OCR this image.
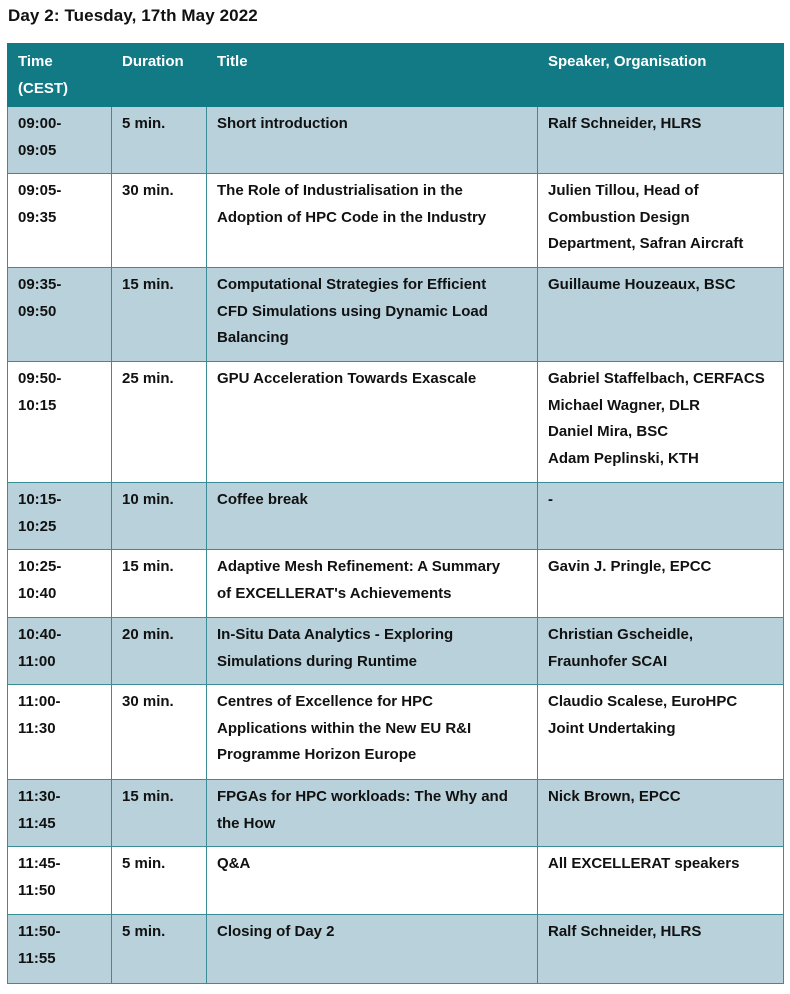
Day 2: Tuesday, 17th May 2022
Time
(CEST)	Duration	Title	Speaker, Organisation
09:00-
09:05	5 min.	Short introduction	Ralf Schneider, HLRS
09:05-
09:35	30 min.	The Role of Industrialisation in the
Adoption of HPC Code in the Industry	Julien Tillou, Head of
Combustion Design
Department, Safran Aircraft
09:35-
09:50	15 min.	Computational Strategies for Efficient
CFD Simulations using Dynamic Load
Balancing	Guillaume Houzeaux, BSC
09:50-
10:15	25 min.	GPU Acceleration Towards Exascale	Gabriel Staffelbach, CERFACS
Michael Wagner, DLR
Daniel Mira, BSC
Adam Peplinski, KTH
10:15-
10:25	10 min.	Coffee break	-
10:25-
10:40	15 min.	Adaptive Mesh Refinement: A Summary
of EXCELLERAT's Achievements	Gavin J. Pringle, EPCC
10:40-
11:00	20 min.	In-Situ Data Analytics - Exploring
Simulations during Runtime	Christian Gscheidle,
Fraunhofer SCAI
11:00-
11:30	30 min.	Centres of Excellence for HPC
Applications within the New EU R&I
Programme Horizon Europe	Claudio Scalese, EuroHPC
Joint Undertaking
11:30-
11:45	15 min.	FPGAs for HPC workloads: The Why and
the How	Nick Brown, EPCC
11:45-
11:50	5 min.	Q&A	All EXCELLERAT speakers
11:50-
11:55	5 min.	Closing of Day 2	Ralf Schneider, HLRS
